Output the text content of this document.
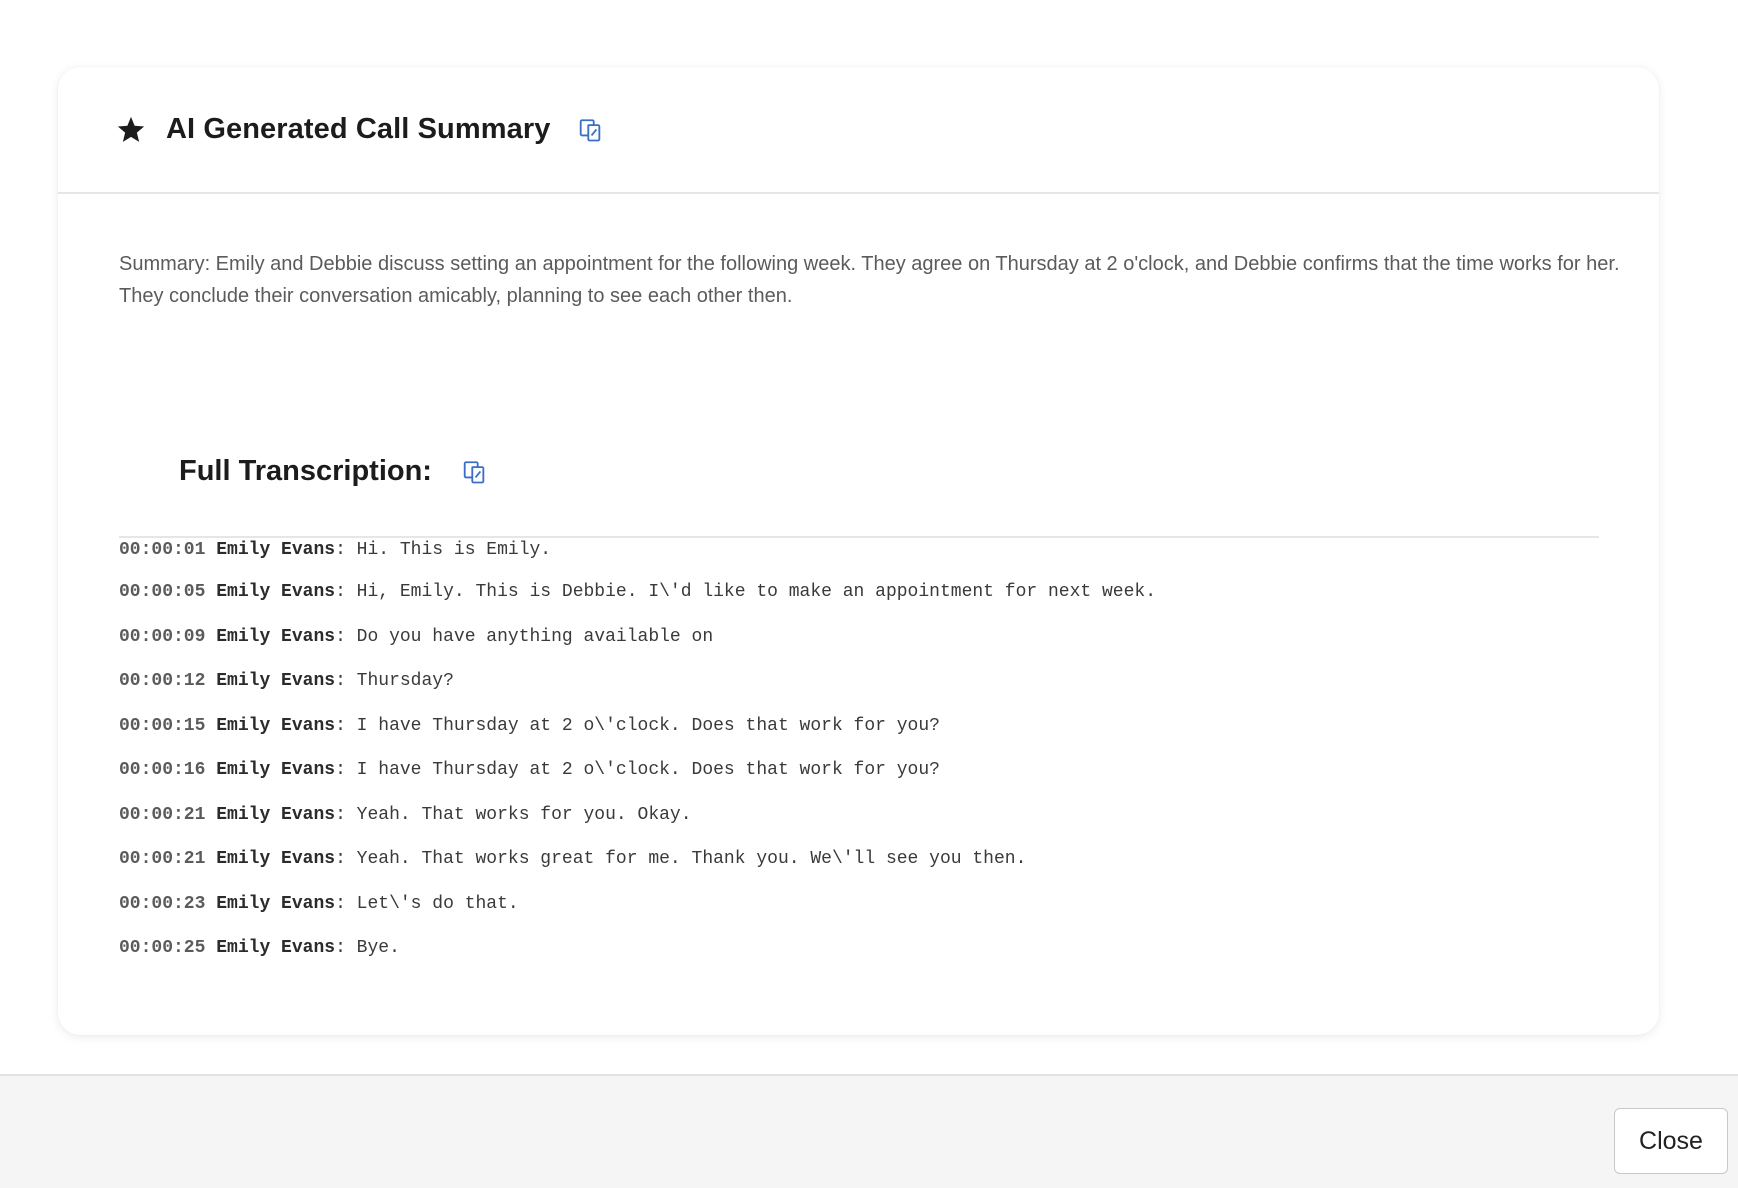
AI Generated Call Summary
Summary: Emily and Debbie discuss setting an appointment for the following week. They agree on Thursday at 2 o'clock, and Debbie confirms that the time works for her. They conclude their conversation amicably, planning to see each other then.
Full Transcription:
00:00:01 Emily Evans: Hi. This is Emily.
00:00:05 Emily Evans: Hi, Emily. This is Debbie. I\'d like to make an appointment for next week.
00:00:09 Emily Evans: Do you have anything available on
00:00:12 Emily Evans: Thursday?
00:00:15 Emily Evans: I have Thursday at 2 o\'clock. Does that work for you?
00:00:16 Emily Evans: I have Thursday at 2 o\'clock. Does that work for you?
00:00:21 Emily Evans: Yeah. That works for you. Okay.
00:00:21 Emily Evans: Yeah. That works great for me. Thank you. We\'ll see you then.
00:00:23 Emily Evans: Let\'s do that.
00:00:25 Emily Evans: Bye.
Close
